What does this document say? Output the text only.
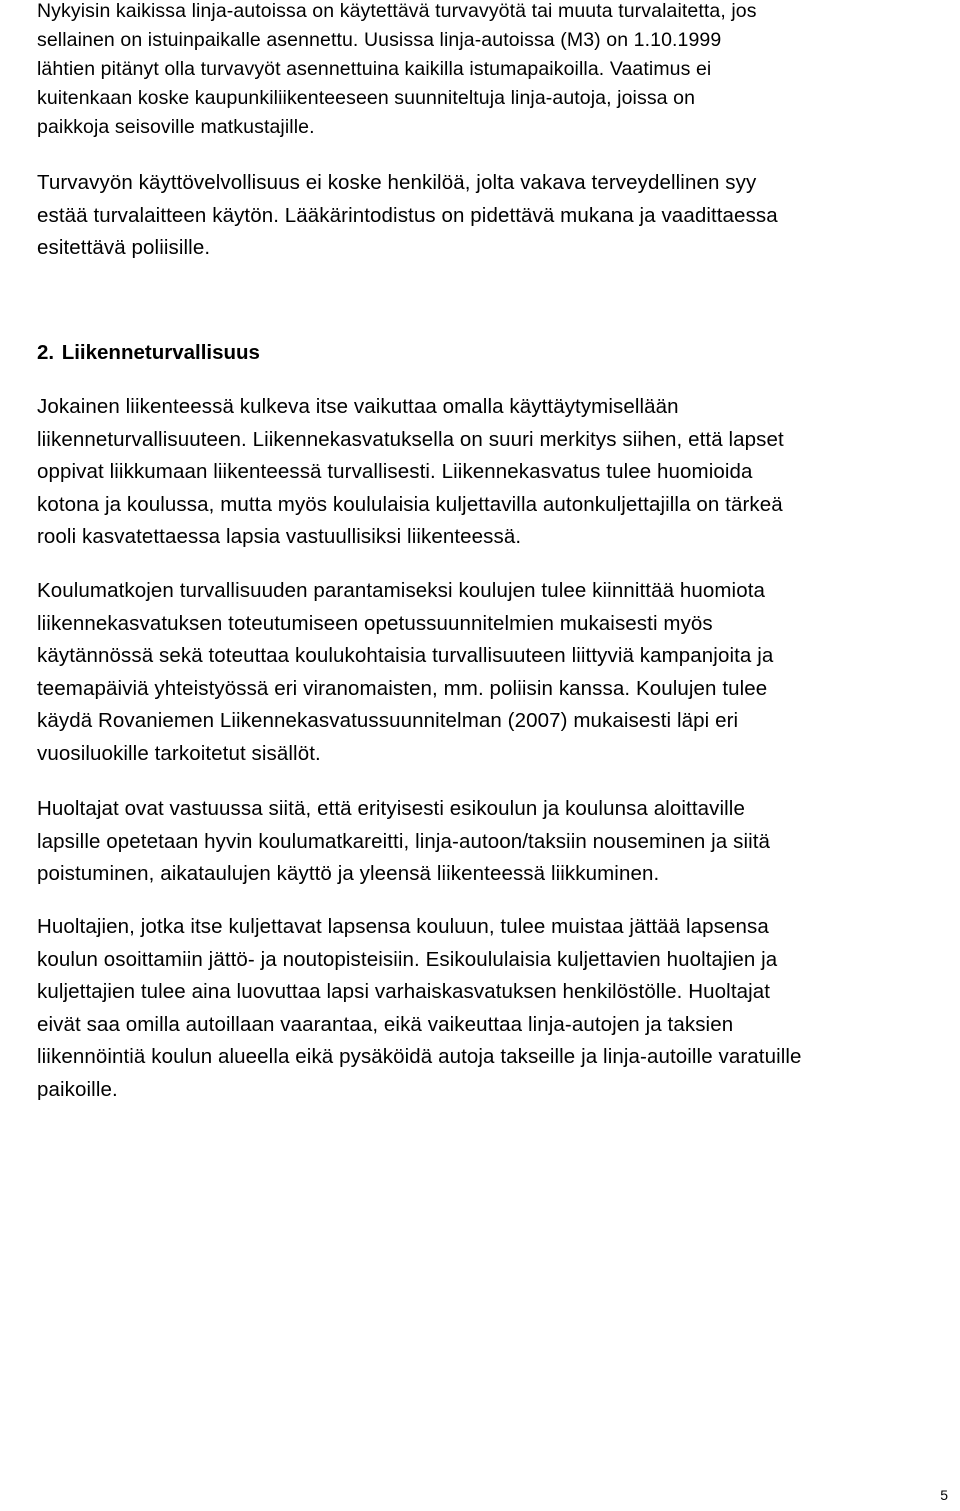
Nykyisin kaikissa linja-autoissa on käytettävä turvavyötä tai muuta turvalaitetta, jos
sellainen on istuinpaikalle asennettu. Uusissa linja-autoissa (M3) on 1.10.1999
lähtien pitänyt olla turvavyöt asennettuina kaikilla istumapaikoilla. Vaatimus ei
kuitenkaan koske kaupunkiliikenteeseen suunniteltuja linja-autoja, joissa on
paikkoja seisoville matkustajille.

Turvavyön käyttövelvollisuus ei koske henkilöä, jolta vakava terveydellinen syy
estää turvalaitteen käytön. Lääkärintodistus on pidettävä mukana ja vaadittaessa
esitettävä poliisille.

2. Liikenneturvallisuus

Jokainen liikenteessä kulkeva itse vaikuttaa omalla käyttäytymisellään
liikenneturvallisuuteen. Liikennekasvatuksella on suuri merkitys siihen, että lapset
oppivat liikkumaan liikenteessä turvallisesti. Liikennekasvatus tulee huomioida
kotona ja koulussa, mutta myös koululaisia kuljettavilla autonkuljettajilla on tärkeä
rooli kasvatettaessa lapsia vastuullisiksi liikenteessä.

Koulumatkojen turvallisuuden parantamiseksi koulujen tulee kiinnittää huomiota
liikennekasvatuksen toteutumiseen opetussuunnitelmien mukaisesti myös
käytännössä sekä toteuttaa koulukohtaisia turvallisuuteen liittyviä kampanjoita ja
teemapäiviä yhteistyössä eri viranomaisten, mm. poliisin kanssa. Koulujen tulee
käydä Rovaniemen Liikennekasvatussuunnitelman (2007) mukaisesti läpi eri
vuosiluokille tarkoitetut sisällöt.

Huoltajat ovat vastuussa siitä, että erityisesti esikoulun ja koulunsa aloittaville
lapsille opetetaan hyvin koulumatkareitti, linja-autoon/taksiin nouseminen ja siitä
poistuminen, aikataulujen käyttö ja yleensä liikenteessä liikkuminen.

Huoltajien, jotka itse kuljettavat lapsensa kouluun, tulee muistaa jättää lapsensa
koulun osoittamiin jättö- ja noutopisteisiin. Esikoululaisia kuljettavien huoltajien ja
kuljettajien tulee aina luovuttaa lapsi varhaiskasvatuksen henkilöstölle. Huoltajat
eivät saa omilla autoillaan vaarantaa, eikä vaikeuttaa linja-autojen ja taksien
liikennöintiä koulun alueella eikä pysäköidä autoja takseille ja linja-autoille varatuille
paikoille.

5
